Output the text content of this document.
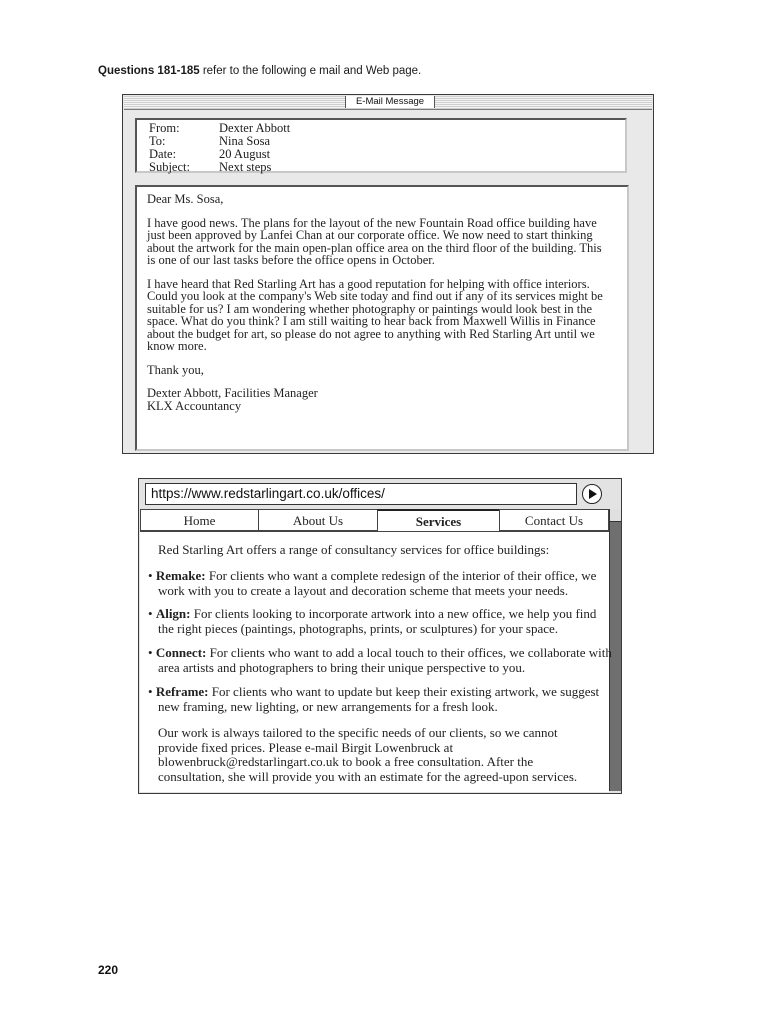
Questions 181-185 refer to the following e mail and Web page.
E-Mail Message
From:	Dexter Abbott
To:	Nina Sosa
Date:	20 August
Subject:	Next steps

Dear Ms. Sosa,

I have good news. The plans for the layout of the new Fountain Road office building have just been approved by Lanfei Chan at our corporate office. We now need to start thinking about the artwork for the main open-plan office area on the third floor of the building. This is one of our last tasks before the office opens in October.

I have heard that Red Starling Art has a good reputation for helping with office interiors. Could you look at the company's Web site today and find out if any of its services might be suitable for us? I am wondering whether photography or paintings would look best in the space. What do you think? I am still waiting to hear back from Maxwell Willis in Finance about the budget for art, so please do not agree to anything with Red Starling Art until we know more.

Thank you,

Dexter Abbott, Facilities Manager
KLX Accountancy

https://www.redstarlingart.co.uk/offices/
Home	About Us	Services	Contact Us
Red Starling Art offers a range of consultancy services for office buildings:
• Remake: For clients who want a complete redesign of the interior of their office, we work with you to create a layout and decoration scheme that meets your needs.
• Align: For clients looking to incorporate artwork into a new office, we help you find the right pieces (paintings, photographs, prints, or sculptures) for your space.
• Connect: For clients who want to add a local touch to their offices, we collaborate with area artists and photographers to bring their unique perspective to you.
• Reframe: For clients who want to update but keep their existing artwork, we suggest new framing, new lighting, or new arrangements for a fresh look.
Our work is always tailored to the specific needs of our clients, so we cannot provide fixed prices. Please e-mail Birgit Lowenbruck at blowenbruck@redstarlingart.co.uk to book a free consultation. After the consultation, she will provide you with an estimate for the agreed-upon services.
220
